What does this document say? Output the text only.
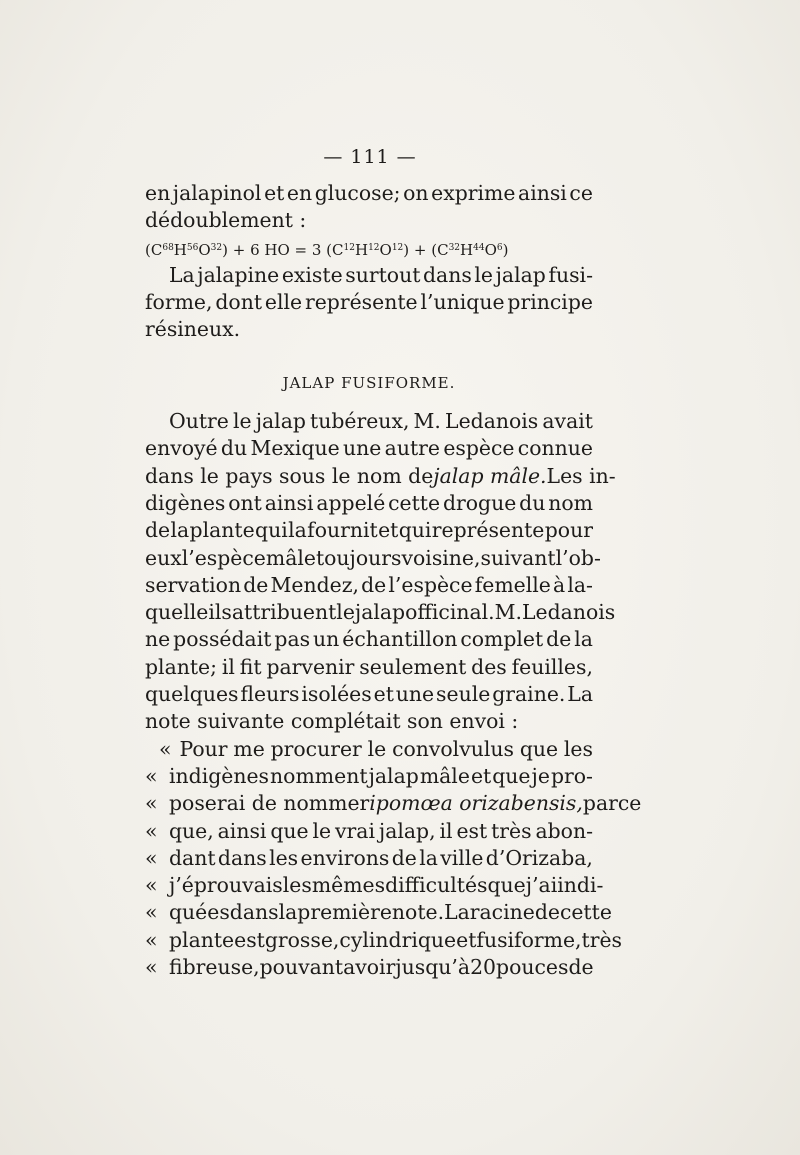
— 111 —
en jalapinol et en glucose; on exprime ainsi ce
dédoublement :
$(C^{68}H^{56}O^{32}) + 6$ HO = 3 $(C^{12}H^{12}O^{12}) + (C^{32}H^{44}O^6)$
La jalapine existe surtout dans le jalap fusi-
forme, dont elle représente l’unique principe
résineux.
JALAP FUSIFORME.
Outre le jalap tubéreux, M. Ledanois avait
envoyé du Mexique une autre espèce connue
dans le pays sous le nom de jalap mâle. Les in-
digènes ont ainsi appelé cette drogue du nom
de la plante qui la fournit et qui représente pour
eux l’espèce mâle toujours voisine, suivant l’ob-
servation de Mendez, de l’espèce femelle à la-
quelle ils attribuent le jalap officinal. M. Ledanois
ne possédait pas un échantillon complet de la
plante; il fit parvenir seulement des feuilles,
quelques fleurs isolées et une seule graine. La
note suivante complétait son envoi :
« Pour me procurer le convolvulus que les
« indigènes nomment jalap mâle et que je pro-
« poserai de nommer ipomœa orizabensis, parce
« que, ainsi que le vrai jalap, il est très abon-
« dant dans les environs de la ville d’Orizaba,
« j’éprouvais les mêmes difficultés que j’ai indi-
« quées dans la première note. La racine de cette
« plante est grosse, cylindrique et fusiforme, très
« fibreuse, pouvant avoir jusqu’à 20 pouces de
